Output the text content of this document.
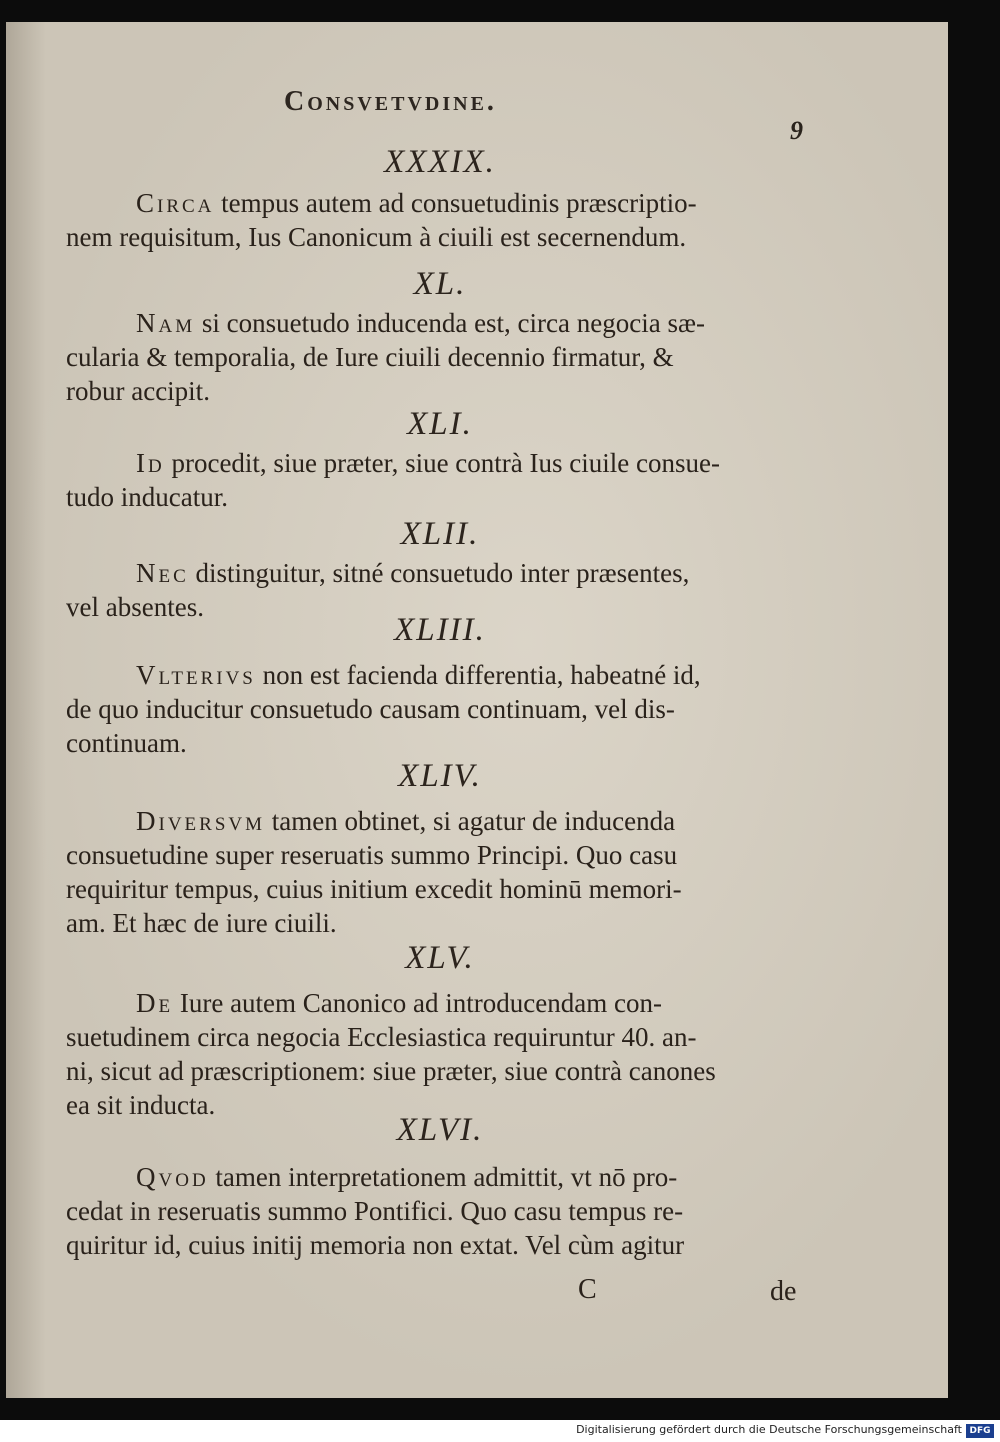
Consvetvdine.
9
XXXIX.
Circa tempus autem ad consuetudinis præscriptio-
nem requisitum, Ius Canonicum à ciuili est secernendum.
XL.
Nam si consuetudo inducenda est, circa negocia sæ-
cularia & temporalia, de Iure ciuili decennio firmatur, &
robur accipit.
XLI.
Id procedit, siue præter, siue contrà Ius ciuile consue-
tudo inducatur.
XLII.
Nec distinguitur, sitné consuetudo inter præsentes,
vel absentes.
XLIII.
Vlterivs non est facienda differentia, habeatné id,
de quo inducitur consuetudo causam continuam, vel dis-
continuam.
XLIV.
Diversvm tamen obtinet, si agatur de inducenda
consuetudine super reseruatis summo Principi. Quo casu
requiritur tempus, cuius initium excedit hominū memori-
am. Et hæc de iure ciuili.
XLV.
De Iure autem Canonico ad introducendam con-
suetudinem circa negocia Ecclesiastica requiruntur 40. an-
ni, sicut ad præscriptionem: siue præter, siue contrà canones
ea sit inducta.
XLVI.
Qvod tamen interpretationem admittit, vt nō pro-
cedat in reseruatis summo Pontifici. Quo casu tempus re-
quiritur id, cuius initij memoria non extat. Vel cùm agitur
C	de
Digitalisierung gefördert durch die Deutsche Forschungsgemeinschaft DFG
